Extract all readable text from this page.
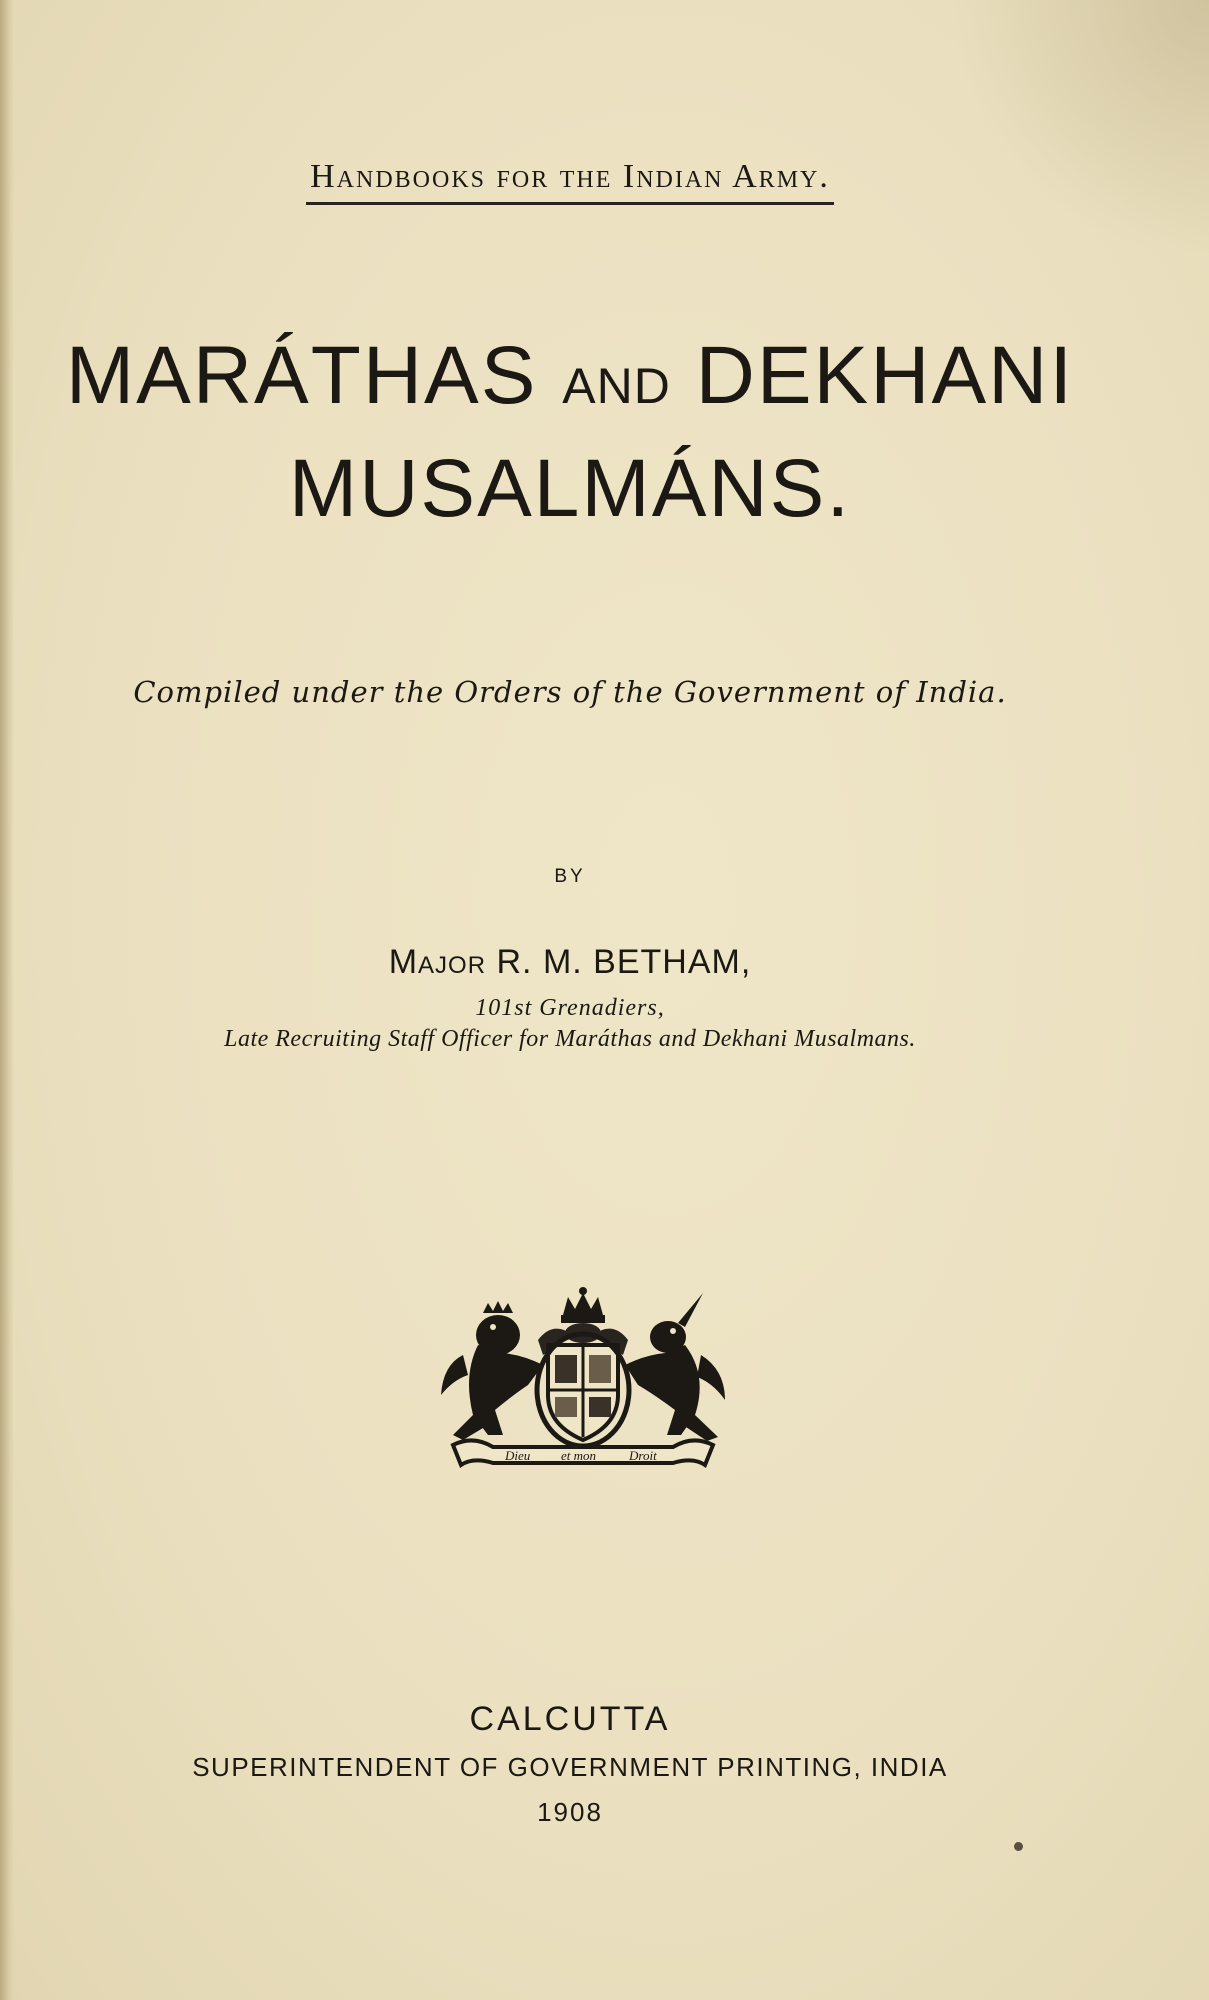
Handbooks for the Indian Army.
MARÁTHAS AND DEKHANI
MUSALMÁNS.
Compiled under the Orders of the Government of India.
BY
Major R. M. BETHAM,
101st Grenadiers,
Late Recruiting Staff Officer for Maráthas and Dekhani Musalmans.
Dieu et mon	Droit
CALCUTTA
SUPERINTENDENT OF GOVERNMENT PRINTING, INDIA
1908
